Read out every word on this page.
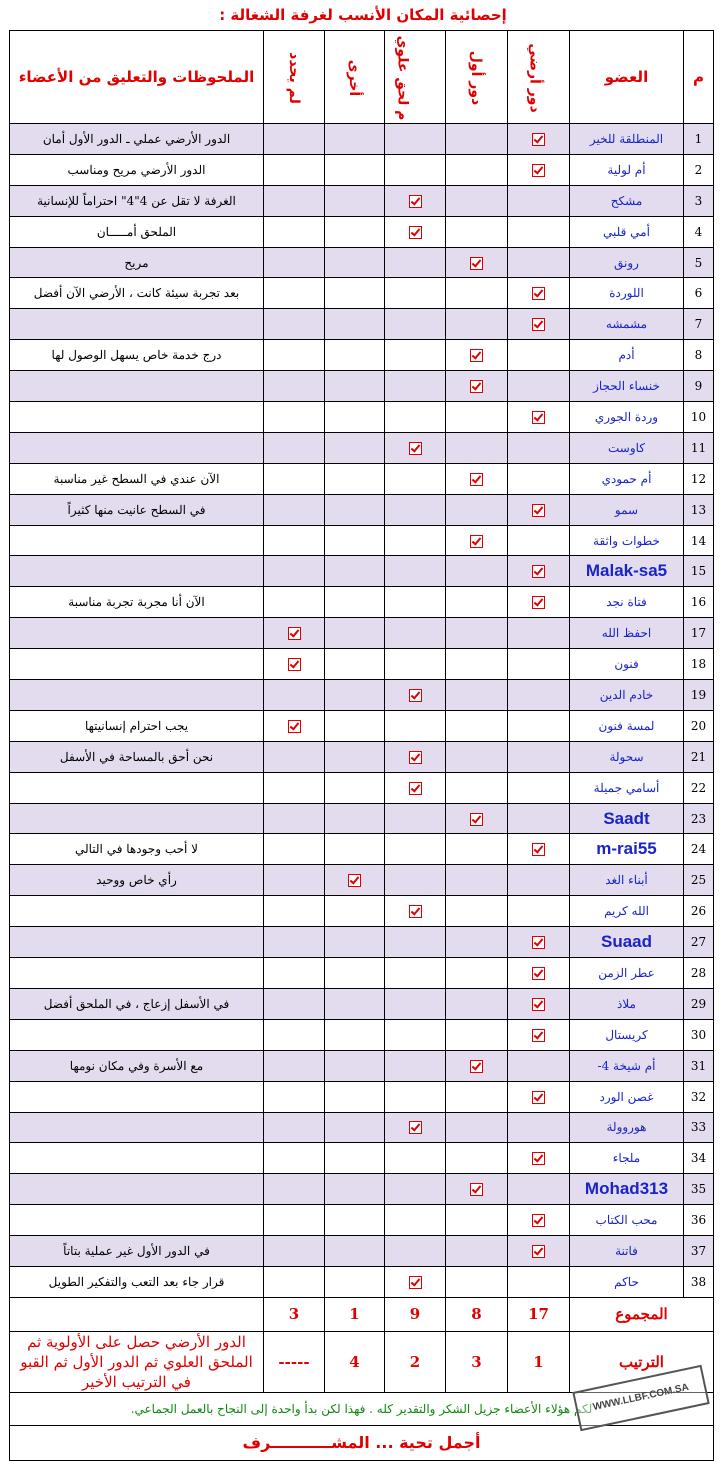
إحصائية المكان الأنسب لغرفة الشغالة :
م	العضو	دور أرضي	دور أول	م لحق علوي	أخرى	لم يحدد	الملحوظات والتعليق من الأعضاء
1	المنطلقة للخير						الدور الأرضي عملي ـ الدور الأول أمان
2	أم لولية						الدور الأرضي مريح ومناسب
3	مشكح						الغرفة لا تقل عن 4"4" احتراماً للإنسانية
4	أمي قلبي						الملحق أمـــــان
5	رونق						مريح
6	اللوردة						بعد تجربة سيئة كانت ، الأرضي الآن أفضل
7	مشمشه						
8	أدم						درج خدمة خاص يسهل الوصول لها
9	خنساء الحجاز						
10	وردة الجوري						
11	كاوست						
12	أم حمودي						الآن عندي في السطح غير مناسبة
13	سمو						في السطح عانيت منها كثيراً
14	خطوات واثقة						
15	Malak-sa5						
16	فتاة نجد						الآن أنا مجربة تجربة مناسبة
17	احفظ الله						
18	فنون						
19	خادم الدين						
20	لمسة فنون						يجب احترام إنسانيتها
21	سحولة						نحن أحق بالمساحة في الأسفل
22	أسامي جميلة						
23	Saadt						
24	m-rai55						لا أحب وجودها في التالي
25	أبناء الغد						رأي خاص ووحيد
26	الله كريم						
27	Suaad						
28	عطر الزمن						
29	ملاذ						في الأسفل إزعاج ، في الملحق أفضل
30	كريستال						
31	أم شيخة 4-						مع الأسرة وفي مكان نومها
32	غصن الورد						
33	هوروولة						
34	ملجاء						
35	Mohad313						
36	محب الكتاب						
37	فاتنة						في الدور الأول غير عملية بتاتاً
38	حاكم						قرار جاء بعد التعب والتفكير الطويل
المجموع		17	8	9	1	3	
الترتيب		1	3	2	4	-----	الدور الأرضي حصل على الأولوية ثم الملحق العلوي ثم الدور الأول ثم القبو في الترتيب الأخير
لكم هؤلاء الأعضاء جزيل الشكر والتقدير كله . فهذا لكن بدأ واحدة إلى النجاح بالعمل الجماعي.							
أجمل تحية ... المشـــــــــــرف							
WWW.LLBF.COM.SA
